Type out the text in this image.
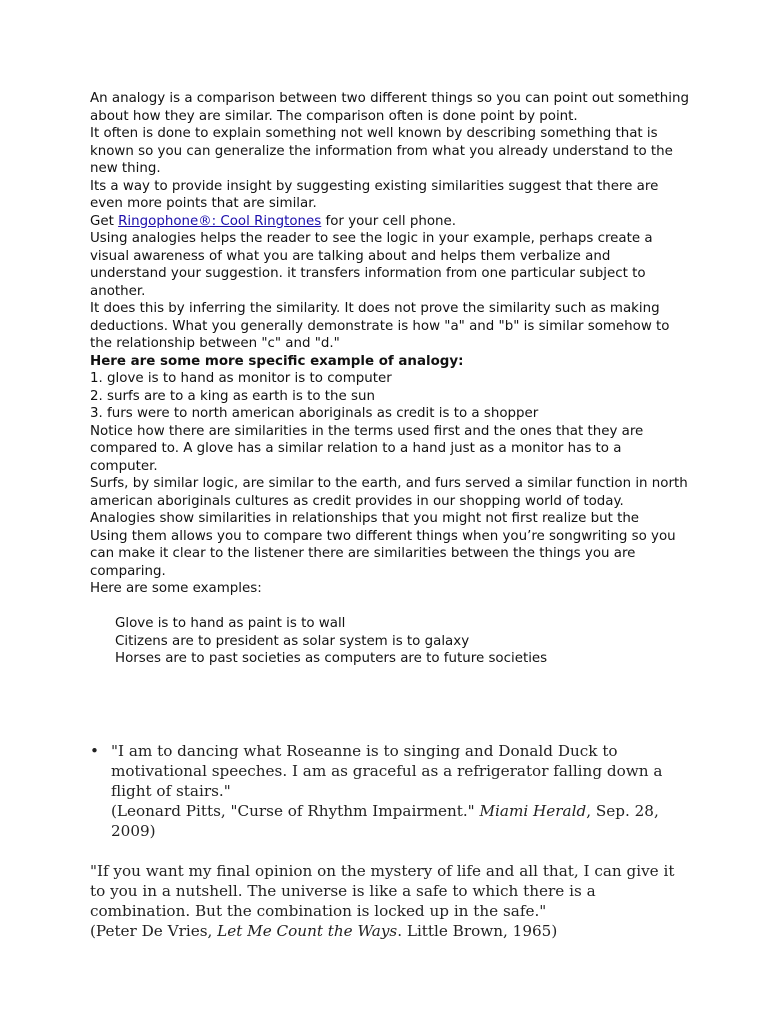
An analogy is a comparison between two different things so you can point out something about how they are similar. The comparison often is done point by point.

It often is done to explain something not well known by describing something that is known so you can generalize the information from what you already understand to the new thing.

Its a way to provide insight by suggesting existing similarities suggest that there are even more points that are similar.

Get Ringophone®: Cool Ringtones for your cell phone.

Using analogies helps the reader to see the logic in your example, perhaps create a visual awareness of what you are talking about and helps them verbalize and understand your suggestion. it transfers information from one particular subject to another.

It does this by inferring the similarity. It does not prove the similarity such as making deductions. What you generally demonstrate is how "a" and "b" is similar somehow to the relationship between "c" and "d."

Here are some more specific example of analogy:

1. glove is to hand as monitor is to computer

2. surfs are to a king as earth is to the sun

3. furs were to north american aboriginals as credit is to a shopper

Notice how there are similarities in the terms used first and the ones that they are compared to. A glove has a similar relation to a hand just as a monitor has to a computer.

Surfs, by similar logic, are similar to the earth, and furs served a similar function in north american aboriginals cultures as credit provides in our shopping world of today.

Analogies show similarities in relationships that you might not first realize but the

Using them allows you to compare two different things when you’re songwriting so you can make it clear to the listener there are similarities between the things you are comparing.

Here are some examples:

Glove is to hand as paint is to wall

Citizens are to president as solar system is to galaxy

Horses are to past societies as computers are to future societies

• "I am to dancing what Roseanne is to singing and Donald Duck to motivational speeches. I am as graceful as a refrigerator falling down a flight of stairs."
(Leonard Pitts, "Curse of Rhythm Impairment." Miami Herald, Sep. 28, 2009)

"If you want my final opinion on the mystery of life and all that, I can give it to you in a nutshell. The universe is like a safe to which there is a combination. But the combination is locked up in the safe."

(Peter De Vries, Let Me Count the Ways. Little Brown, 1965)
